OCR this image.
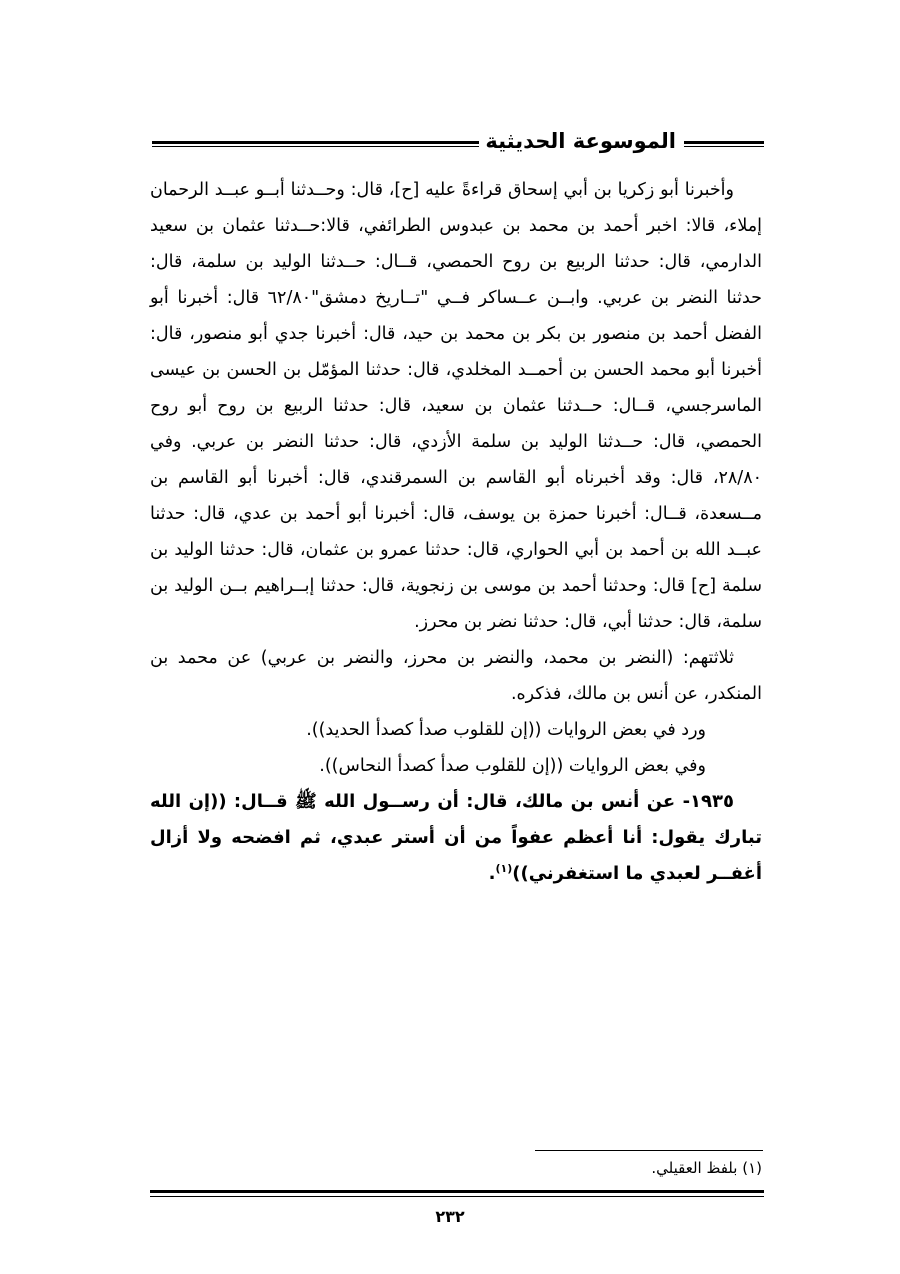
الموسوعة الحديثية

وأخبرنا أبو زكريا بن أبي إسحاق قراءةً عليه [ح]، قال: وحــدثنا أبــو عبــد الرحمان إملاء، قالا: اخبر أحمد بن محمد بن عبدوس الطرائفي، قالا:حــدثنا عثمان بن سعيد الدارمي، قال: حدثنا الربيع بن روح الحمصي، قــال: حــدثنا الوليد بن سلمة، قال: حدثنا النضر بن عربي. وابــن عــساكر فــي "تــاريخ دمشق"٦٢/٨٠ قال: أخبرنا أبو الفضل أحمد بن منصور بن بكر بن محمد بن حيد، قال: أخبرنا جدي أبو منصور، قال: أخبرنا أبو محمد الحسن بن أحمــد المخلدي، قال: حدثنا المؤمّل بن الحسن بن عيسى الماسرجسي، قــال: حــدثنا عثمان بن سعيد، قال: حدثنا الربيع بن روح أبو روح الحمصي، قال: حــدثنا الوليد بن سلمة الأزدي، قال: حدثنا النضر بن عربي. وفي ٢٨/٨٠، قال: وقد أخبرناه أبو القاسم بن السمرقندي، قال: أخبرنا أبو القاسم بن مــسعدة، قــال: أخبرنا حمزة بن يوسف، قال: أخبرنا أبو أحمد بن عدي، قال: حدثنا عبــد الله بن أحمد بن أبي الحواري، قال: حدثنا عمرو بن عثمان، قال: حدثنا الوليد بن سلمة [ح] قال: وحدثنا أحمد بن موسى بن زنجوية، قال: حدثنا إبــراهيم بــن الوليد بن سلمة، قال: حدثنا أبي، قال: حدثنا نضر بن محرز.

ثلاثتهم: (النضر بن محمد، والنضر بن محرز، والنضر بن عربي) عن محمد بن المنكدر، عن أنس بن مالك، فذكره.

ورد في بعض الروايات ((إن للقلوب صدأ كصدأ الحديد)).

وفي بعض الروايات ((إن للقلوب صدأ كصدأ النحاس)).

١٩٣٥- عن أنس بن مالك، قال: أن رســول الله ﷺ قــال: ((إن الله تبارك يقول: أنا أعظم عفواً من أن أستر عبدي، ثم افضحه ولا أزال أغفــر لعبدي ما استغفرني))$^{(١)}$.

(١) بلفظ العقيلي.
٢٣٢
